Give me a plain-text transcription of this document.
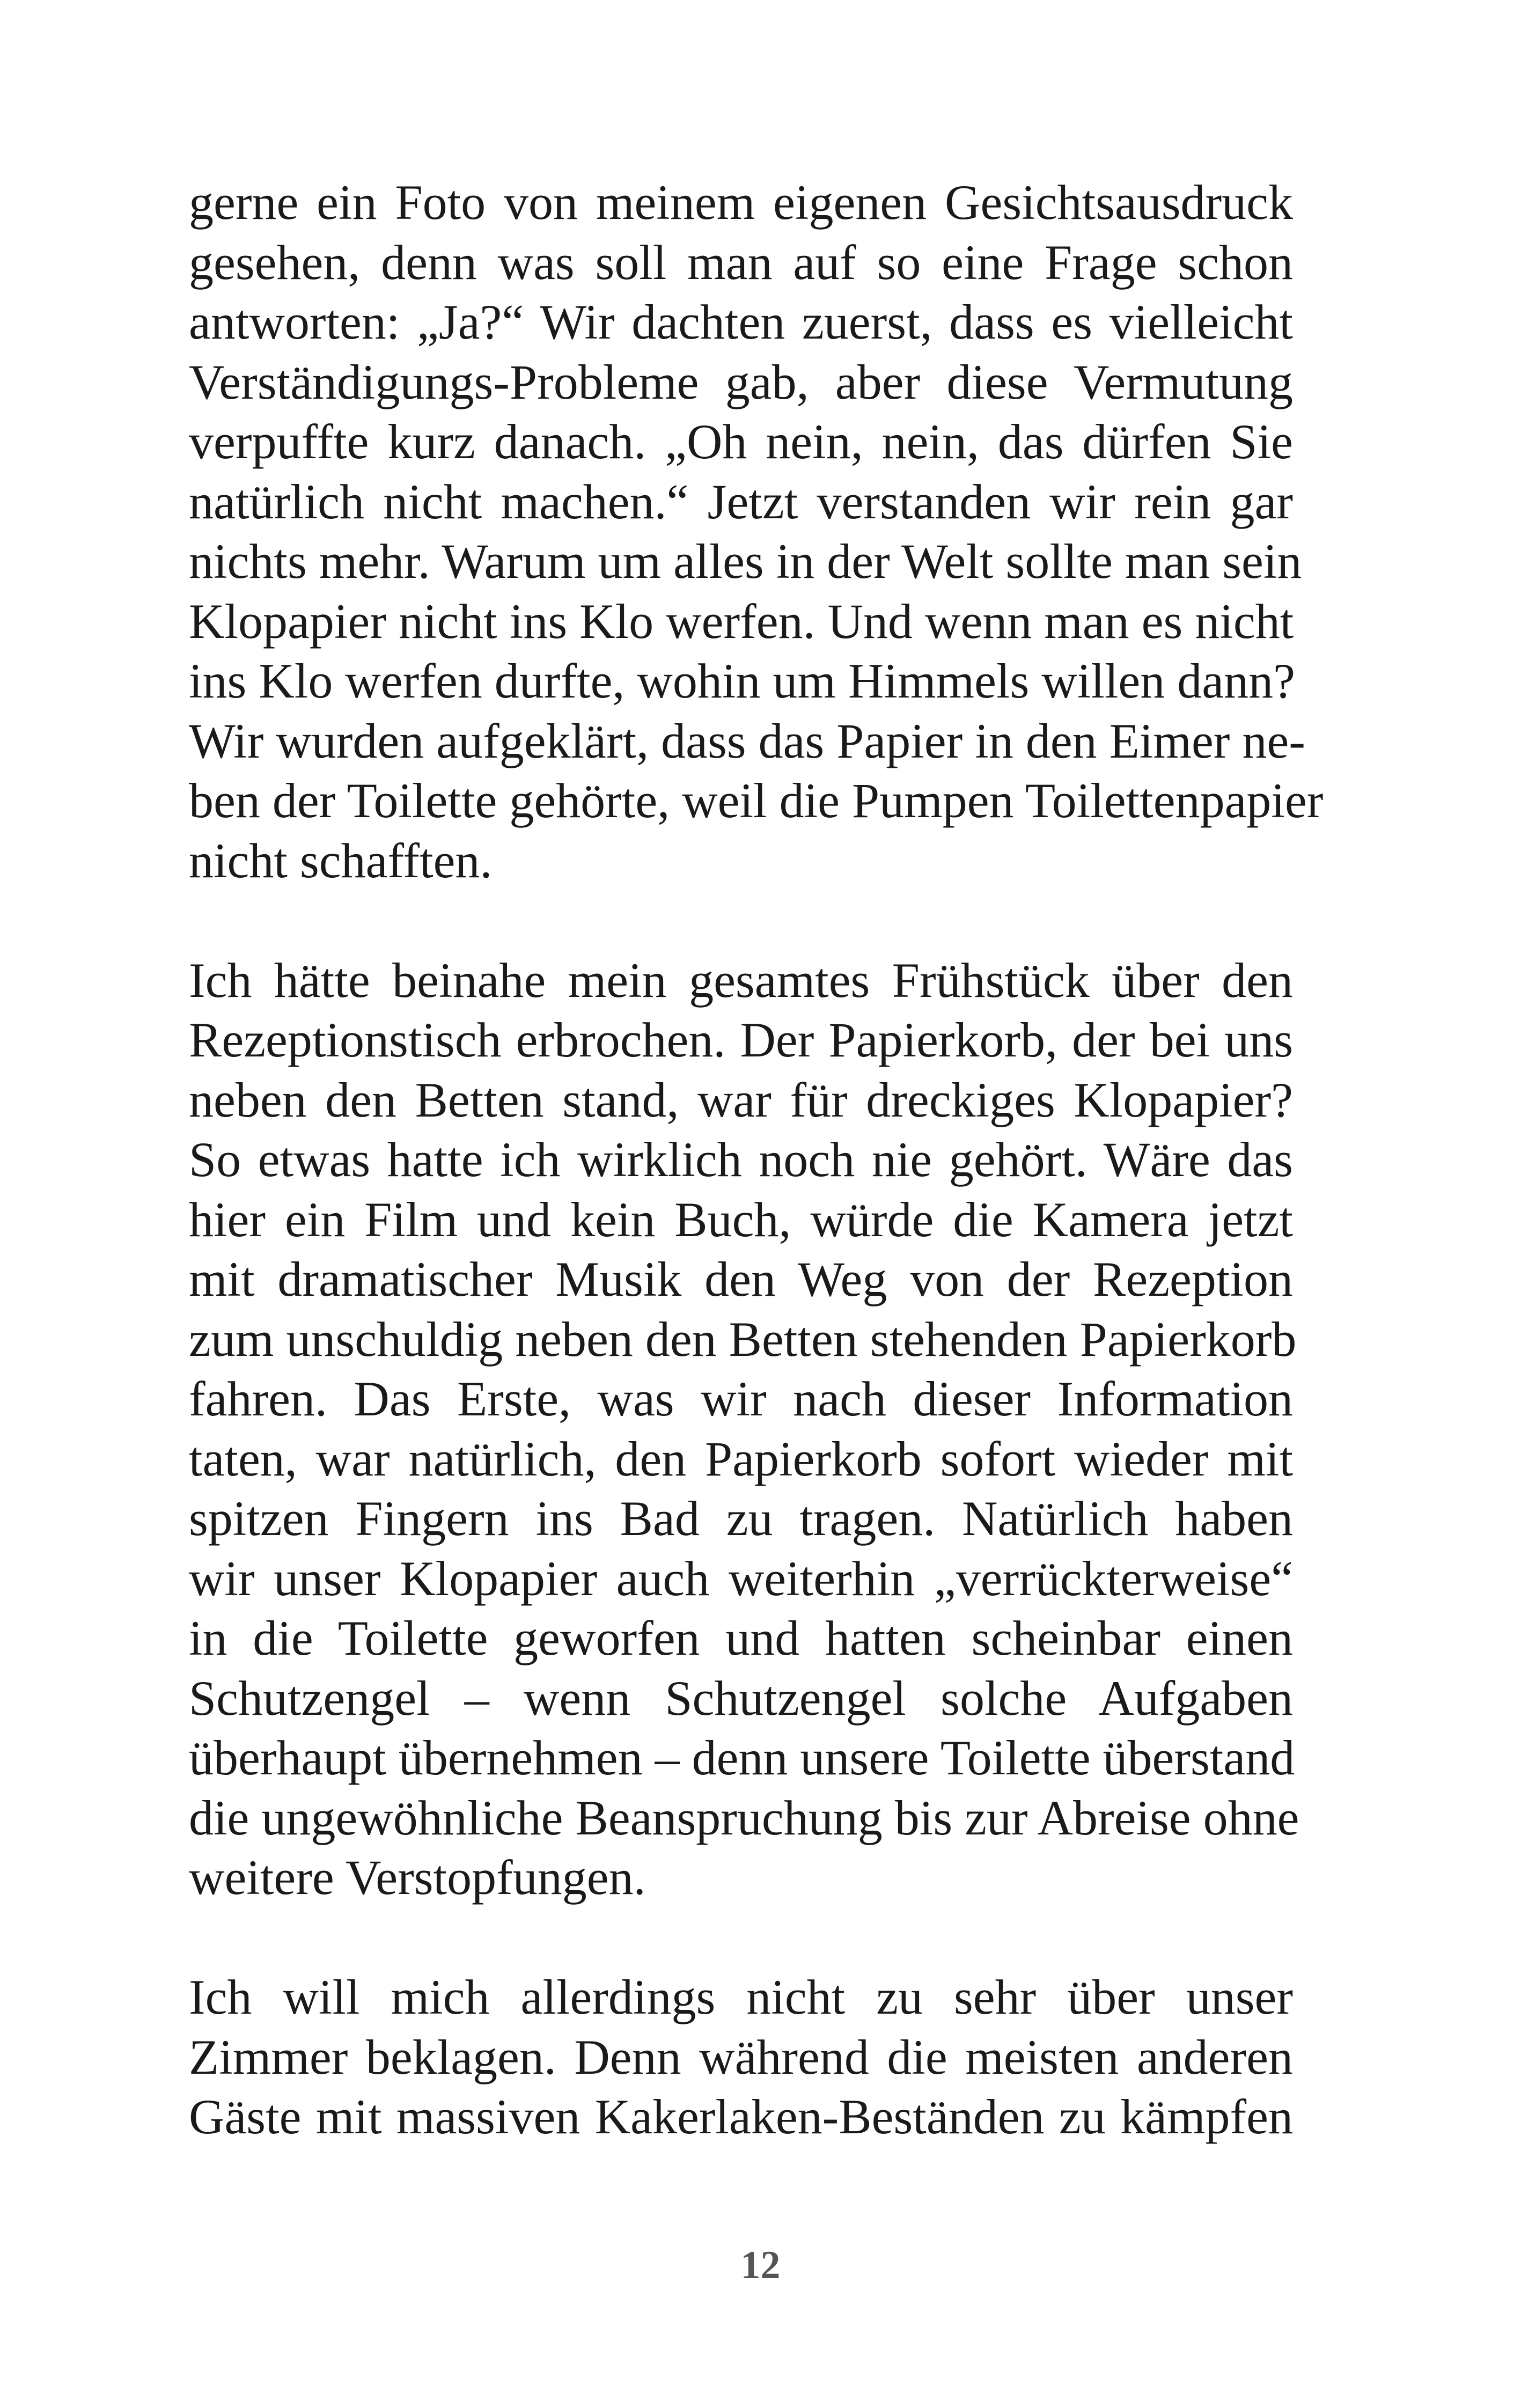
gerne ein Foto von meinem eigenen Gesichtsausdruck
gesehen, denn was soll man auf so eine Frage schon
antworten: „Ja?“ Wir dachten zuerst, dass es vielleicht
Verständigungs-Probleme gab, aber diese Vermutung
verpuffte kurz danach. „Oh nein, nein, das dürfen Sie
natürlich nicht machen.“ Jetzt verstanden wir rein gar
nichts mehr. Warum um alles in der Welt sollte man sein
Klopapier nicht ins Klo werfen. Und wenn man es nicht
ins Klo werfen durfte, wohin um Himmels willen dann?
Wir wurden aufgeklärt, dass das Papier in den Eimer ne-
ben der Toilette gehörte, weil die Pumpen Toilettenpapier
nicht schafften.
Ich hätte beinahe mein gesamtes Frühstück über den
Rezeptionstisch erbrochen. Der Papierkorb, der bei uns
neben den Betten stand, war für dreckiges Klopapier?
So etwas hatte ich wirklich noch nie gehört. Wäre das
hier ein Film und kein Buch, würde die Kamera jetzt
mit dramatischer Musik den Weg von der Rezeption
zum unschuldig neben den Betten stehenden Papierkorb
fahren. Das Erste, was wir nach dieser Information
taten, war natürlich, den Papierkorb sofort wieder mit
spitzen Fingern ins Bad zu tragen. Natürlich haben
wir unser Klopapier auch weiterhin „verrückterweise“
in die Toilette geworfen und hatten scheinbar einen
Schutzengel – wenn Schutzengel solche Aufgaben
überhaupt übernehmen – denn unsere Toilette überstand
die ungewöhnliche Beanspruchung bis zur Abreise ohne
weitere Verstopfungen.
Ich will mich allerdings nicht zu sehr über unser
Zimmer beklagen. Denn während die meisten anderen
Gäste mit massiven Kakerlaken-Beständen zu kämpfen
12
